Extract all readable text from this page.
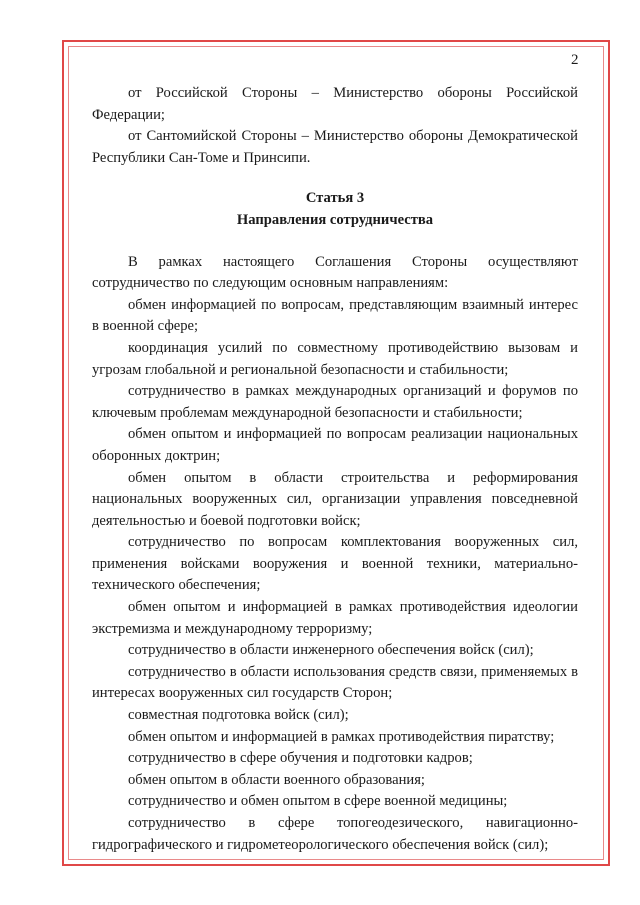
2

от Российской Стороны – Министерство обороны Российской Федерации;

от Сантомийской Стороны – Министерство обороны Демократической Республики Сан-Томе и Принсипи.

Статья 3

Направления сотрудничества

В рамках настоящего Соглашения Стороны осуществляют сотрудничество по следующим основным направлениям:

обмен информацией по вопросам, представляющим взаимный интерес в военной сфере;

координация усилий по совместному противодействию вызовам и угрозам глобальной и региональной безопасности и стабильности;

сотрудничество в рамках международных организаций и форумов по ключевым проблемам международной безопасности и стабильности;

обмен опытом и информацией по вопросам реализации национальных оборонных доктрин;

обмен опытом в области строительства и реформирования национальных вооруженных сил, организации управления повседневной деятельностью и боевой подготовки войск;

сотрудничество по вопросам комплектования вооруженных сил, применения войсками вооружения и военной техники, материально-технического обеспечения;

обмен опытом и информацией в рамках противодействия идеологии экстремизма и международному терроризму;

сотрудничество в области инженерного обеспечения войск (сил);

сотрудничество в области использования средств связи, применяемых в интересах вооруженных сил государств Сторон;

совместная подготовка войск (сил);

обмен опытом и информацией в рамках противодействия пиратству;

сотрудничество в сфере обучения и подготовки кадров;

обмен опытом в области военного образования;

сотрудничество и обмен опытом в сфере военной медицины;

сотрудничество в сфере топогеодезического, навигационно-гидрографического и гидрометеорологического обеспечения войск (сил);
